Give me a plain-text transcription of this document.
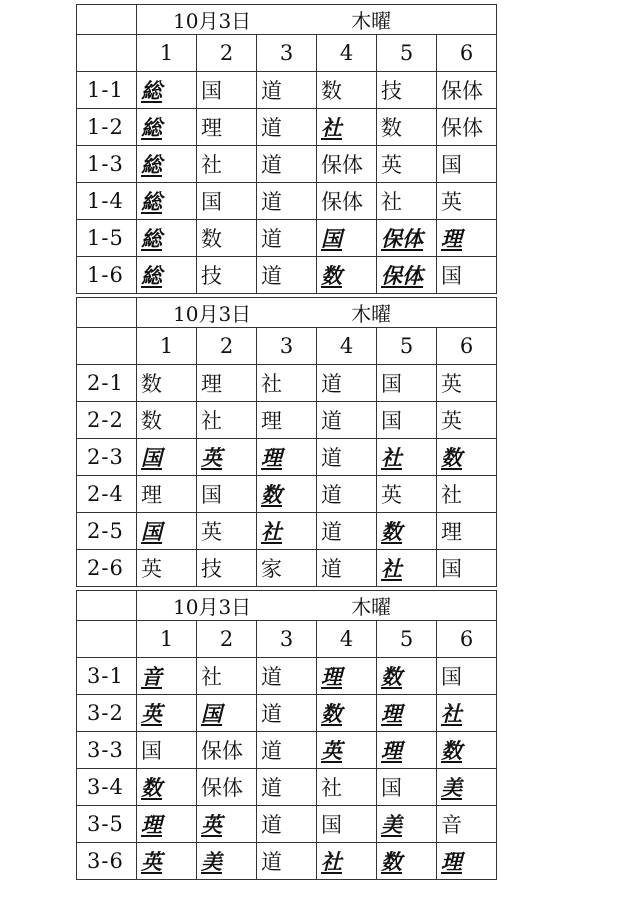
	10月3日 木曜					
	1	2	3	4	5	6
1-1	総	国	道	数	技	保体
1-2	総	理	道	社	数	保体
1-3	総	社	道	保体	英	国
1-4	総	国	道	保体	社	英
1-5	総	数	道	国	保体	理
1-6	総	技	道	数	保体	国
	10月3日 木曜					
	1	2	3	4	5	6
2-1	数	理	社	道	国	英
2-2	数	社	理	道	国	英
2-3	国	英	理	道	社	数
2-4	理	国	数	道	英	社
2-5	国	英	社	道	数	理
2-6	英	技	家	道	社	国
	10月3日 木曜					
	1	2	3	4	5	6
3-1	音	社	道	理	数	国
3-2	英	国	道	数	理	社
3-3	国	保体	道	英	理	数
3-4	数	保体	道	社	国	美
3-5	理	英	道	国	美	音
3-6	英	美	道	社	数	理
